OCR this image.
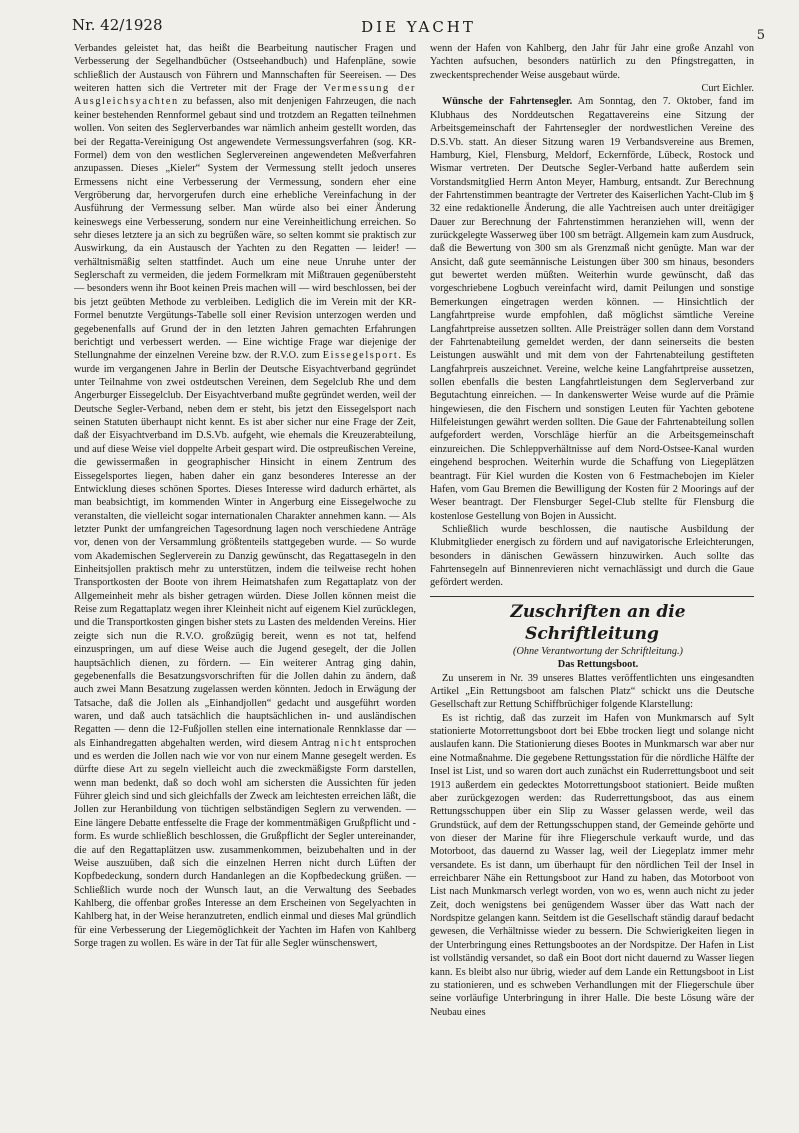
Nr. 42/1928	DIE YACHT	5

Verbandes geleistet hat, das heißt die Bearbeitung nautischer Fragen und Verbesserung der Segelhandbücher (Ostseehandbuch) und Hafenpläne, sowie schließlich der Austausch von Führern und Mannschaften für Seereisen. — Des weiteren hatten sich die Vertreter mit der Frage der Vermessung der Ausgleichsyachten zu befassen, also mit denjenigen Fahrzeugen, die nach keiner bestehenden Rennformel gebaut sind und trotzdem an Regatten teilnehmen wollen. Von seiten des Seglerverbandes war nämlich anheim gestellt worden, das bei der Regatta-Vereinigung Ost angewendete Vermessungsverfahren (sog. KR-Formel) dem von den westlichen Seglervereinen angewendeten Meßverfahren anzupassen. Dieses „Kieler“ System der Vermessung stellt jedoch unseres Ermessens nicht eine Verbesserung der Vermessung, sondern eher eine Vergröberung dar, hervorgerufen durch eine erhebliche Vereinfachung in der Ausführung der Vermessung selber. Man würde also bei einer Änderung keineswegs eine Verbesserung, sondern nur eine Vereinheitlichung erreichen. So sehr dieses letztere ja an sich zu begrüßen wäre, so selten kommt sie praktisch zur Auswirkung, da ein Austausch der Yachten zu den Regatten — leider! — verhältnismäßig selten stattfindet. Auch um eine neue Unruhe unter der Seglerschaft zu vermeiden, die jedem Formelkram mit Mißtrauen gegenübersteht — besonders wenn ihr Boot keinen Preis machen will — wird beschlossen, bei der bis jetzt geübten Methode zu verbleiben. Lediglich die im Verein mit der KR-Formel benutzte Vergütungs-Tabelle soll einer Revision unterzogen werden und gegebenenfalls auf Grund der in den letzten Jahren gemachten Erfahrungen berichtigt und verbessert werden. — Eine wichtige Frage war diejenige der Stellungnahme der einzelnen Vereine bzw. der R.V.O. zum Eissegelsport. Es wurde im vergangenen Jahre in Berlin der Deutsche Eisyachtverband gegründet unter Teilnahme von zwei ostdeutschen Vereinen, dem Segelclub Rhe und dem Angerburger Eissegelclub. Der Eisyachtverband mußte gegründet werden, weil der Deutsche Segler-Verband, neben dem er steht, bis jetzt den Eissegelsport nach seinen Statuten überhaupt nicht kennt. Es ist aber sicher nur eine Frage der Zeit, daß der Eisyachtverband im D.S.Vb. aufgeht, wie ehemals die Kreuzerabteilung, und auf diese Weise viel doppelte Arbeit gespart wird. Die ostpreußischen Vereine, die gewissermaßen in geographischer Hinsicht in einem Zentrum des Eissegelsportes liegen, haben daher ein ganz besonderes Interesse an der Entwicklung dieses schönen Sportes. Dieses Interesse wird dadurch erhärtet, als man beabsichtigt, im kommenden Winter in Angerburg eine Eissegelwoche zu veranstalten, die vielleicht sogar internationalen Charakter annehmen kann. — Als letzter Punkt der umfangreichen Tagesordnung lagen noch verschiedene Anträge vor, denen von der Versammlung größtenteils stattgegeben wurde. — So wurde vom Akademischen Seglerverein zu Danzig gewünscht, das Regattasegeln in den Einheitsjollen praktisch mehr zu unterstützen, indem die teilweise recht hohen Transportkosten der Boote von ihrem Heimatshafen zum Regattaplatz von der Allgemeinheit mehr als bisher getragen würden. Diese Jollen können meist die Reise zum Regattaplatz wegen ihrer Kleinheit nicht auf eigenem Kiel zurücklegen, und die Transportkosten gingen bisher stets zu Lasten des meldenden Vereins. Hier zeigte sich nun die R.V.O. großzügig bereit, wenn es not tat, helfend einzuspringen, um auf diese Weise auch die Jugend gesegelt, der die Jollen hauptsächlich dienen, zu fördern. — Ein weiterer Antrag ging dahin, gegebenenfalls die Besatzungsvorschriften für die Jollen dahin zu ändern, daß auch zwei Mann Besatzung zugelassen werden könnten. Jedoch in Erwägung der Tatsache, daß die Jollen als „Einhandjollen“ gedacht und ausgeführt worden waren, und daß auch tatsächlich die hauptsächlichen in- und ausländischen Regatten — denn die 12-Fußjollen stellen eine internationale Rennklasse dar — als Einhandregatten abgehalten werden, wird diesem Antrag nicht entsprochen und es werden die Jollen nach wie vor von nur einem Manne gesegelt werden. Es dürfte diese Art zu segeln vielleicht auch die zweckmäßigste Form darstellen, wenn man bedenkt, daß so doch wohl am sichersten die Aussichten für jeden Führer gleich sind und sich gleichfalls der Zweck am leichtesten erreichen läßt, die Jollen zur Heranbildung von tüchtigen selbständigen Seglern zu verwenden. — Eine längere Debatte entfesselte die Frage der kommentmäßigen Grußpflicht und -form. Es wurde schließlich beschlossen, die Grußpflicht der Segler untereinander, die auf den Regattaplätzen usw. zusammenkommen, beizubehalten und in der Weise auszuüben, daß sich die einzelnen Herren nicht durch Lüften der Kopfbedeckung, sondern durch Handanlegen an die Kopfbedeckung grüßen. — Schließlich wurde noch der Wunsch laut, an die Verwaltung des Seebades Kahlberg, die offenbar großes Interesse an dem Erscheinen von Segelyachten in Kahlberg hat, in der Weise heranzutreten, endlich einmal und dieses Mal gründlich für eine Verbesserung der Liegemöglichkeit der Yachten im Hafen von Kahlberg Sorge tragen zu wollen. Es wäre in der Tat für alle Segler wünschenswert,

wenn der Hafen von Kahlberg, den Jahr für Jahr eine große Anzahl von Yachten aufsuchen, besonders natürlich zu den Pfingstregatten, in zweckentsprechender Weise ausgebaut würde.

Curt Eichler.

Wünsche der Fahrtensegler. Am Sonntag, den 7. Oktober, fand im Klubhaus des Norddeutschen Regattavereins eine Sitzung der Arbeitsgemeinschaft der Fahrtensegler der nordwestlichen Vereine des D.S.Vb. statt. An dieser Sitzung waren 19 Verbandsvereine aus Bremen, Hamburg, Kiel, Flensburg, Meldorf, Eckernförde, Lübeck, Rostock und Wismar vertreten. Der Deutsche Segler-Verband hatte außerdem sein Vorstandsmitglied Herrn Anton Meyer, Hamburg, entsandt. Zur Berechnung der Fahrtenstimmen beantragte der Vertreter des Kaiserlichen Yacht-Club im § 32 eine redaktionelle Änderung, die alle Yachtreisen auch unter dreitägiger Dauer zur Berechnung der Fahrtenstimmen heranziehen will, wenn der zurückgelegte Wasserweg über 100 sm beträgt. Allgemein kam zum Ausdruck, daß die Bewertung von 300 sm als Grenzmaß nicht genügte. Man war der Ansicht, daß gute seemännische Leistungen über 300 sm hinaus, besonders gut bewertet werden müßten. Weiterhin wurde gewünscht, daß das vorgeschriebene Logbuch vereinfacht wird, damit Peilungen und sonstige Bemerkungen eingetragen werden können. — Hinsichtlich der Langfahrtpreise wurde empfohlen, daß möglichst sämtliche Vereine Langfahrtpreise aussetzen sollten. Alle Preisträger sollen dann dem Vorstand der Fahrtenabteilung gemeldet werden, der dann seinerseits die besten Leistungen auswählt und mit dem von der Fahrtenabteilung gestifteten Langfahrpreis auszeichnet. Vereine, welche keine Langfahrtpreise aussetzen, sollen ebenfalls die besten Langfahrtleistungen dem Seglerverband zur Begutachtung einreichen. — In dankenswerter Weise wurde auf die Prämie hingewiesen, die den Fischern und sonstigen Leuten für Yachten gebotene Hilfeleistungen gewährt werden sollten. Die Gaue der Fahrtenabteilung sollen aufgefordert werden, Vorschläge hierfür an die Arbeitsgemeinschaft einzureichen. Die Schleppverhältnisse auf dem Nord-Ostsee-Kanal wurden eingehend besprochen. Weiterhin wurde die Schaffung von Liegeplätzen beantragt. Für Kiel wurden die Kosten von 6 Festmachebojen im Kieler Hafen, vom Gau Bremen die Bewilligung der Kosten für 2 Moorings auf der Weser beantragt. Der Flensburger Segel-Club stellte für Flensburg die kostenlose Gestellung von Bojen in Aussicht.

Schließlich wurde beschlossen, die nautische Ausbildung der Klubmitglieder energisch zu fördern und auf navigatorische Erleichterungen, besonders in dänischen Gewässern hinzuwirken. Auch sollte das Fahrtensegeln auf Binnenrevieren nicht vernachlässigt und durch die Gaue gefördert werden.

Zuschriften an die Schriftleitung

(Ohne Verantwortung der Schriftleitung.)

Das Rettungsboot.

Zu unserem in Nr. 39 unseres Blattes veröffentlichten uns eingesandten Artikel „Ein Rettungsboot am falschen Platz“ schickt uns die Deutsche Gesellschaft zur Rettung Schiffbrüchiger folgende Klarstellung:

Es ist richtig, daß das zurzeit im Hafen von Munkmarsch auf Sylt stationierte Motorrettungsboot dort bei Ebbe trocken liegt und solange nicht auslaufen kann. Die Stationierung dieses Bootes in Munkmarsch war aber nur eine Notmaßnahme. Die gegebene Rettungsstation für die nördliche Hälfte der Insel ist List, und so waren dort auch zunächst ein Ruderrettungsboot und seit 1913 außerdem ein gedecktes Motorrettungsboot stationiert. Beide mußten aber zurückgezogen werden: das Ruderrettungsboot, das aus einem Rettungsschuppen über ein Slip zu Wasser gelassen werde, weil das Grundstück, auf dem der Rettungsschuppen stand, der Gemeinde gehörte und von dieser der Marine für ihre Fliegerschule verkauft wurde, und das Motorboot, das dauernd zu Wasser lag, weil der Liegeplatz immer mehr versandete. Es ist dann, um überhaupt für den nördlichen Teil der Insel in erreichbarer Nähe ein Rettungsboot zur Hand zu haben, das Motorboot von List nach Munkmarsch verlegt worden, von wo es, wenn auch nicht zu jeder Zeit, doch wenigstens bei genügendem Wasser über das Watt nach der Nordspitze gelangen kann. Seitdem ist die Gesellschaft ständig darauf bedacht gewesen, die Verhältnisse wieder zu bessern. Die Schwierigkeiten liegen in der Unterbringung eines Rettungsbootes an der Nordspitze. Der Hafen in List ist vollständig versandet, so daß ein Boot dort nicht dauernd zu Wasser liegen kann. Es bleibt also nur übrig, wieder auf dem Lande ein Rettungsboot in List zu stationieren, und es schweben Verhandlungen mit der Fliegerschule über seine vorläufige Unterbringung in ihrer Halle. Die beste Lösung wäre der Neubau eines
